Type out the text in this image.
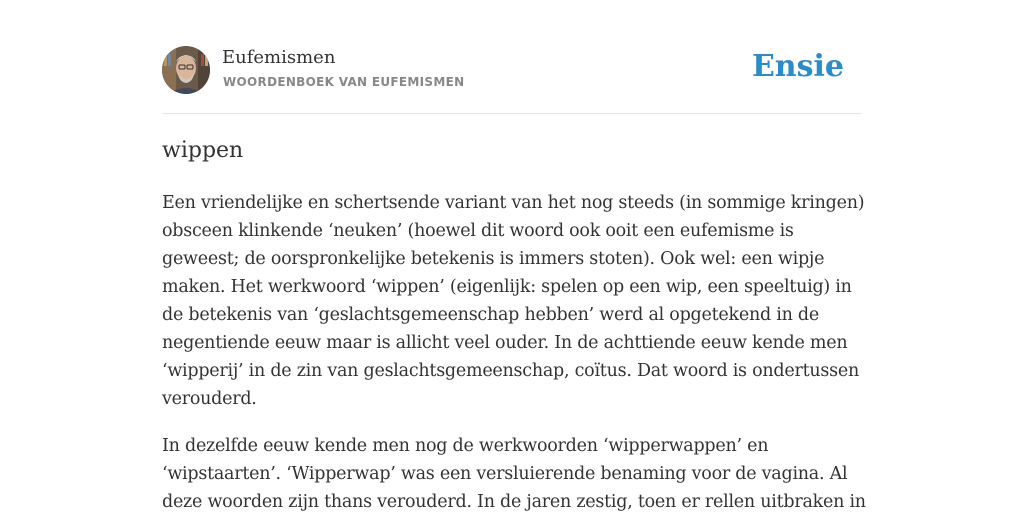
Eufemismen
WOORDENBOEK VAN EUFEMISMEN	Ensie
wippen

Een vriendelijke en schertsende variant van het nog steeds (in sommige kringen)
obsceen klinkende ‘neuken’ (hoewel dit woord ook ooit een eufemisme is
geweest; de oorspronkelijke betekenis is immers stoten). Ook wel: een wipje
maken. Het werkwoord ‘wippen’ (eigenlijk: spelen op een wip, een speeltuig) in
de betekenis van ‘geslachtsgemeenschap hebben’ werd al opgetekend in de
negentiende eeuw maar is allicht veel ouder. In de achttiende eeuw kende men
‘wipperij’ in de zin van geslachtsgemeenschap, coïtus. Dat woord is ondertussen
verouderd.

In dezelfde eeuw kende men nog de werkwoorden ‘wipperwappen’ en
‘wipstaarten’. ‘Wipperwap’ was een versluierende benaming voor de vagina. Al
deze woorden zijn thans verouderd. In de jaren zestig, toen er rellen uitbraken in
